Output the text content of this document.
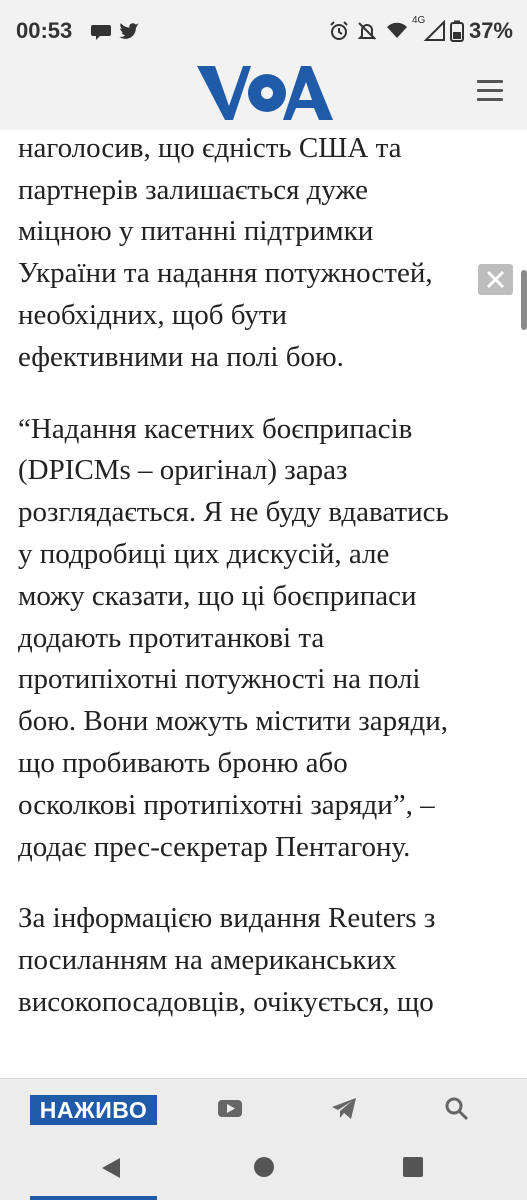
00:53	4G 37%

наголосив, що єдність США та партнерів залишається дуже міцною у питанні підтримки України та надання потужностей, необхідних, щоб бути ефективними на полі бою.

“Надання касетних боєприпасів (DPICMs – оригінал) зараз розглядається. Я не буду вдаватись у подробиці цих дискусій, але можу сказати, що ці боєприпаси додають протитанкові та протипіхотні потужності на полі бою. Вони можуть містити заряди, що пробивають броню або осколкові протипіхотні заряди”, – додає прес-секретар Пентагону.

За інформацією видання Reuters з посиланням на американських високопосадовців, очікується, що

VOA
НАЖИВО
